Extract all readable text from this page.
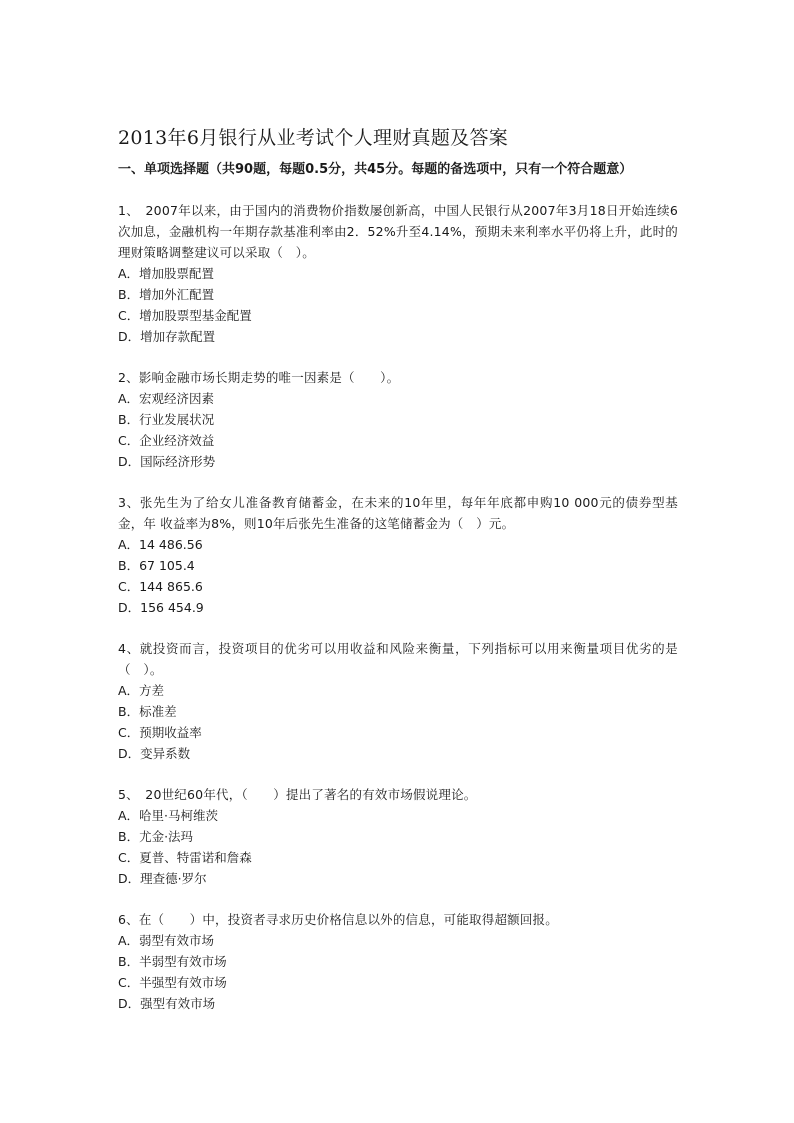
2013年6月银行从业考试个人理财真题及答案
一、单项选择题（共90题，每题0.5分，共45分。每题的备选项中，只有一个符合题意）
1、　2007年以来，由于国内的消费物价指数屡创新高，中国人民银行从2007年3月18日开始连续6次加息，金融机构一年期存款基准利率由2．52%升至4.14%，预期未来利率水平仍将上升，此时的理财策略调整建议可以采取（　）。
A．增加股票配置
B．增加外汇配置
C．增加股票型基金配置
D．增加存款配置
2、影响金融市场长期走势的唯一因素是（　　）。
A．宏观经济因素
B．行业发展状况
C．企业经济效益
D．国际经济形势
3、张先生为了给女儿准备教育储蓄金，在未来的10年里，每年年底都申购10 000元的债券型基金，年 收益率为8%，则10年后张先生准备的这笔储蓄金为（　）元。
A．14 486.56
B．67 105.4
C．144 865.6
D．156 454.9
4、就投资而言，投资项目的优劣可以用收益和风险来衡量，下列指标可以用来衡量项目优劣的是（　）。
A．方差
B．标准差
C．预期收益率
D．变异系数
5、　20世纪60年代，（　　）提出了著名的有效市场假说理论。
A．哈里·马柯维茨
B．尤金·法玛
C．夏普、特雷诺和詹森
D．理查德·罗尔
6、在（　　）中，投资者寻求历史价格信息以外的信息，可能取得超额回报。
A．弱型有效市场
B．半弱型有效市场
C．半强型有效市场
D．强型有效市场
